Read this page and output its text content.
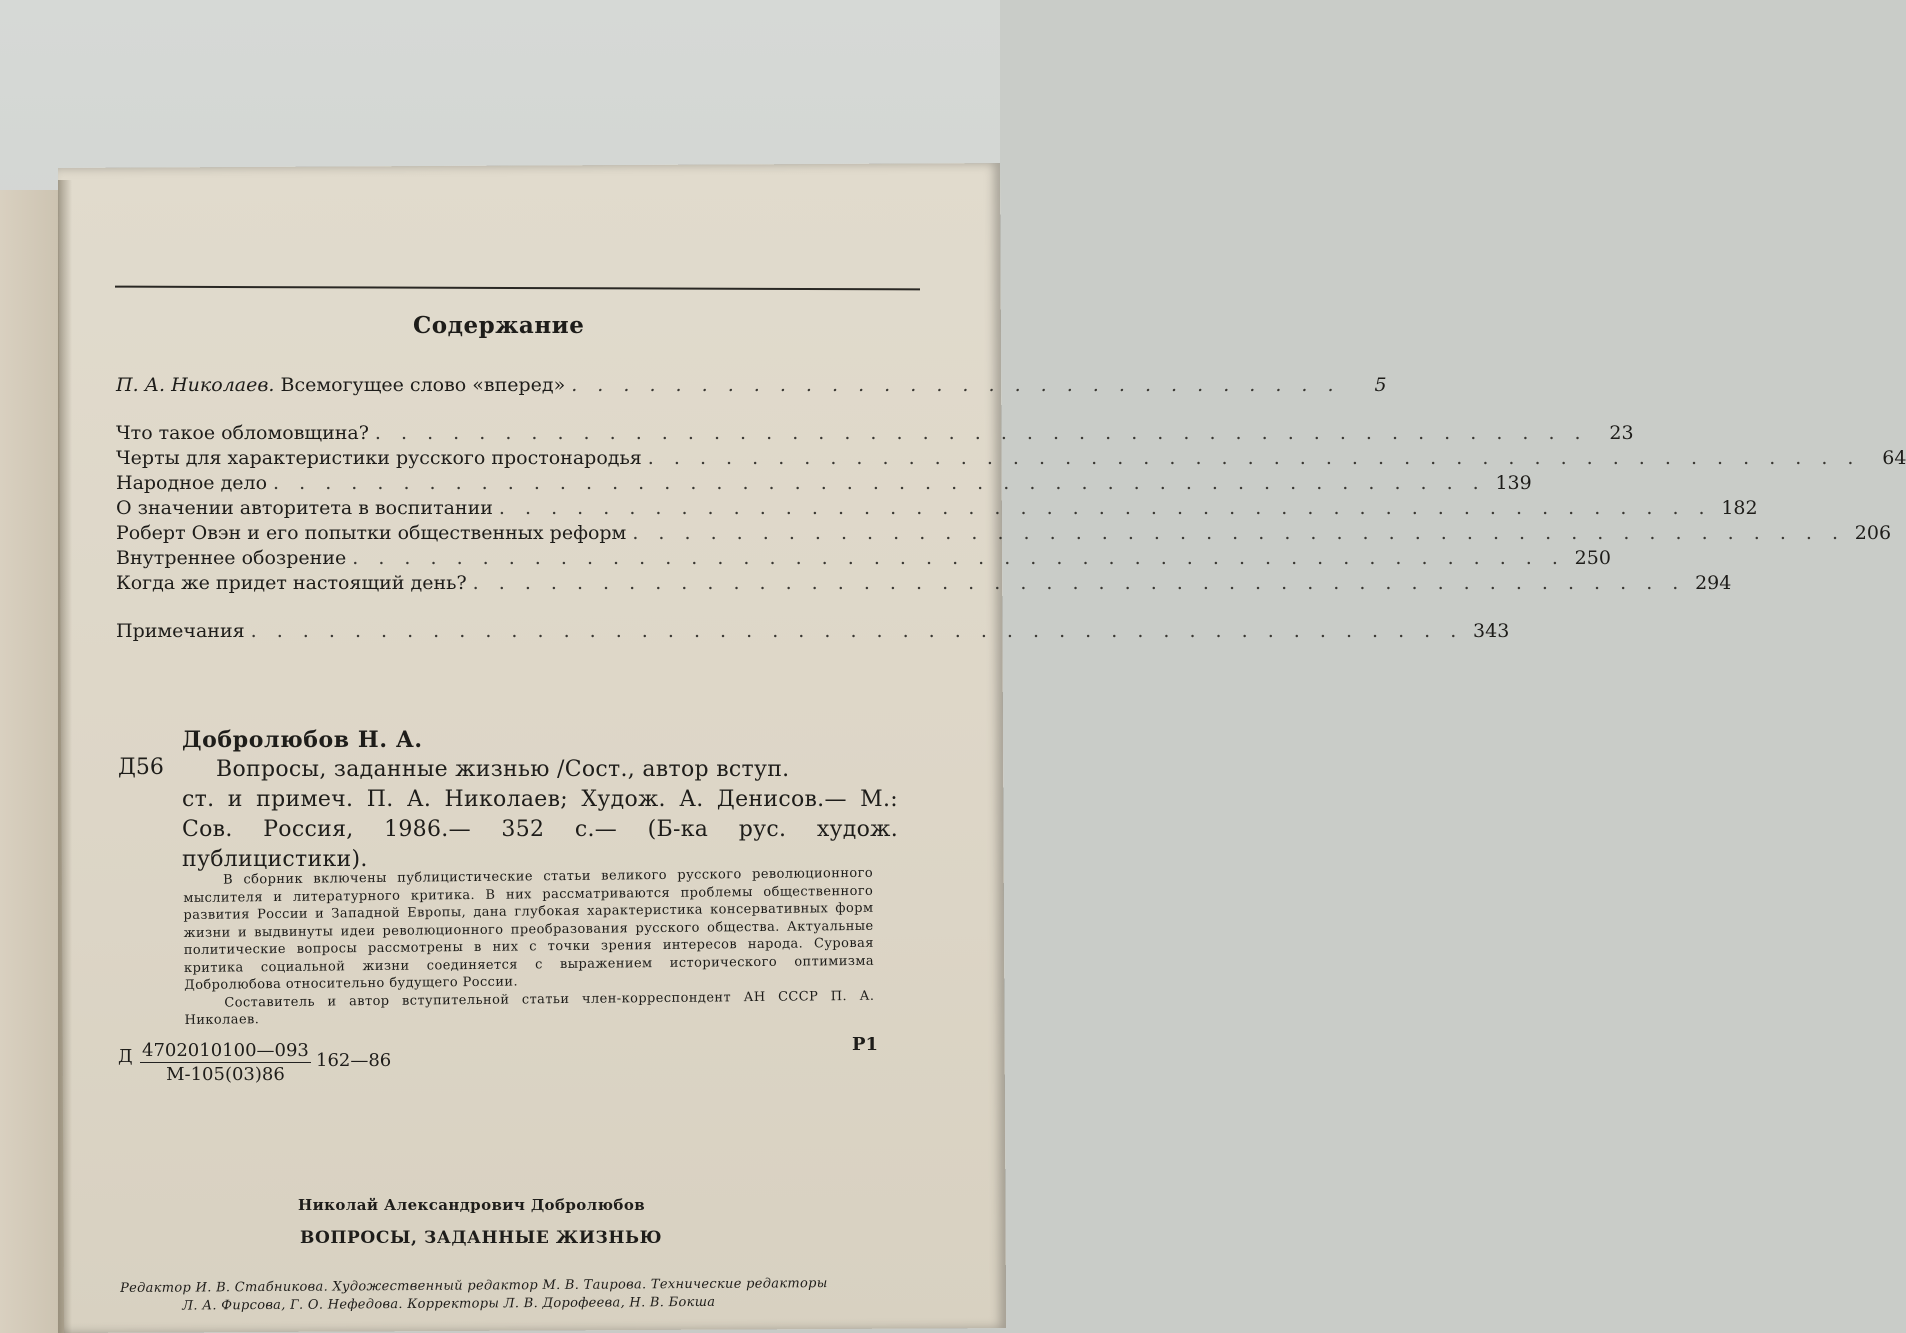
Содержание
П. А. Николаев. Всемогущее слово «вперед» . . . . . . . . . . . . . . . . . . . . . . . . . . . . . .	5
Что такое обломовщина? . . . . . . . . . . . . . . . . . . . . . . . . . . . . . . . . . . . . . . . . . . . . . . .	23
Черты для характеристики русского простонародья . . . . . . . . . . . . . . . . . . . . . . . . . . . . . . . . . . . . . . . . . . . . . . .	64
Народное дело . . . . . . . . . . . . . . . . . . . . . . . . . . . . . . . . . . . . . . . . . . . . . . . 139
О значении авторитета в воспитании . . . . . . . . . . . . . . . . . . . . . . . . . . . . . . . . . . . . . . . . . . . . . . . 182
Роберт Овэн и его попытки общественных реформ . . . . . . . . . . . . . . . . . . . . . . . . . . . . . . . . . . . . . . . . . . . . . . . 206
Внутреннее обозрение . . . . . . . . . . . . . . . . . . . . . . . . . . . . . . . . . . . . . . . . . . . . . . . 250
Когда же придет настоящий день? . . . . . . . . . . . . . . . . . . . . . . . . . . . . . . . . . . . . . . . . . . . . . . . 294
Примечания . . . . . . . . . . . . . . . . . . . . . . . . . . . . . . . . . . . . . . . . . . . . . . . 343
Добролюбов Н. А.
Д56	Вопросы, заданные жизнью /Сост., автор вступ.
ст. и примеч. П. А. Николаев; Худож. А. Денисов.— М.: Сов. Россия, 1986.— 352 с.— (Б-ка рус. худож. публицистики).

В сборник включены публицистические статьи великого русского революционного мыслителя и литературного критика. В них рассматриваются проблемы общественного развития России и Западной Европы, дана глубокая характеристика консервативных форм жизни и выдвинуты идеи революционного преобразования русского общества. Актуальные политические вопросы рассмотрены в них с точки зрения интересов народа. Суровая критика социальной жизни соединяется с выражением исторического оптимизма Добролюбова относительно будущего России.

Составитель и автор вступительной статьи член-корреспондент АН СССР П. А. Николаев.

Д 4702010100—093
М-105(03)86
162—86
Р1
Николай Александрович Добролюбов
ВОПРОСЫ, ЗАДАННЫЕ ЖИЗНЬЮ
Редактор И. В. Стабникова. Художественный редактор М. В. Таирова. Технические редакторы
Л. А. Фирсова, Г. О. Нефедова. Корректоры Л. В. Дорофеева, Н. В. Бокша
